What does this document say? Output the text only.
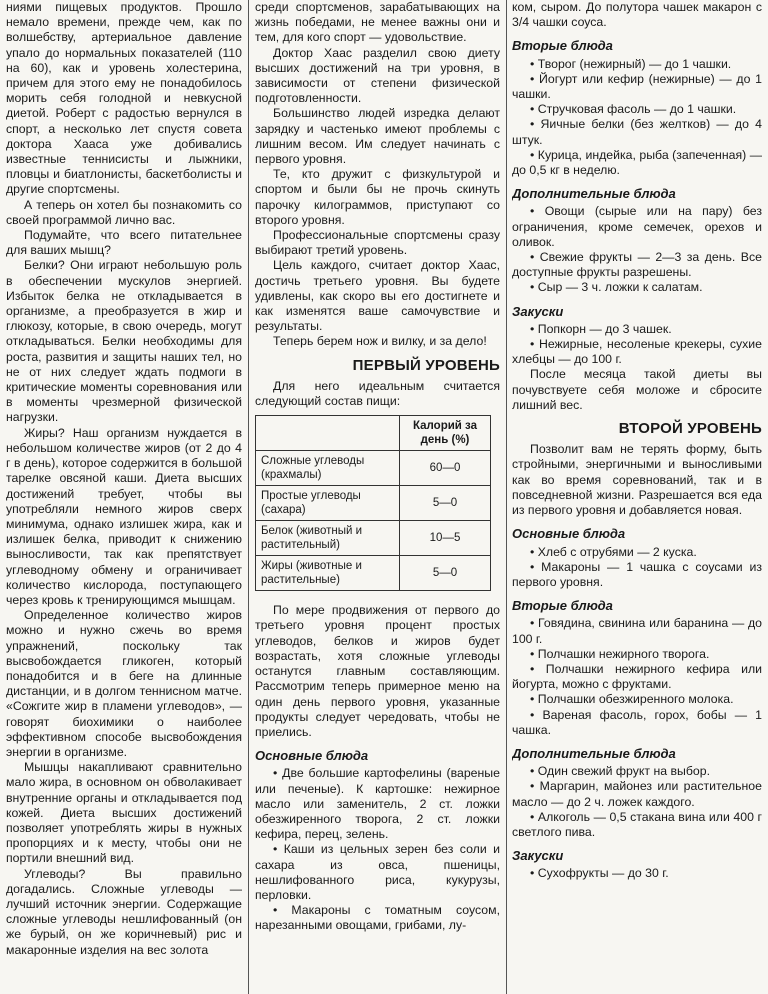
ниями пищевых продуктов. Прошло немало времени, прежде чем, как по волшебству, артериальное давление упало до нормальных показателей (110 на 60), как и уровень холестерина, причем для этого ему не понадобилось морить себя голодной и невкусной диетой. Роберт с радостью вернулся в спорт, а несколько лет спустя совета доктора Хааса уже добивались известные теннисисты и лыжники, пловцы и биатлонисты, баскетболисты и другие спортсмены.

А теперь он хотел бы познакомить со своей программой лично вас.

Подумайте, что всего питательнее для ваших мышц?

Белки? Они играют небольшую роль в обеспечении мускулов энергией. Избыток белка не откладывается в организме, а преобразуется в жир и глюкозу, которые, в свою очередь, могут откладываться. Белки необходимы для роста, развития и защиты наших тел, но не от них следует ждать подмоги в критические моменты соревнования или в моменты чрезмерной физической нагрузки.

Жиры? Наш организм нуждается в небольшом количестве жиров (от 2 до 4 г в день), которое содержится в большой тарелке овсяной каши. Диета высших достижений требует, чтобы вы употребляли немного жиров сверх минимума, однако излишек жира, как и излишек белка, приводит к снижению выносливости, так как препятствует углеводному обмену и ограничивает количество кислорода, поступающего через кровь к тренирующимся мышцам.

Определенное количество жиров можно и нужно сжечь во время упражнений, поскольку так высвобождается гликоген, который понадобится и в беге на длинные дистанции, и в долгом теннисном матче. «Сожгите жир в пламени углеводов», — говорят биохимики о наиболее эффективном способе высвобождения энергии в организме.

Мышцы накапливают сравнительно мало жира, в основном он обволакивает внутренние органы и откладывается под кожей. Диета высших достижений позволяет употреблять жиры в нужных пропорциях и к месту, чтобы они не портили внешний вид.

Углеводы? Вы правильно догадались. Сложные углеводы — лучший источник энергии. Содержащие сложные углеводы нешлифованный (он же бурый, он же коричневый) рис и макаронные изделия на вес золота

среди спортсменов, зарабатывающих на жизнь победами, не менее важны они и тем, для кого спорт — удовольствие.

Доктор Хаас разделил свою диету высших достижений на три уровня, в зависимости от степени физической подготовленности.

Большинство людей изредка делают зарядку и частенько имеют проблемы с лишним весом. Им следует начинать с первого уровня.

Те, кто дружит с физкультурой и спортом и были бы не прочь скинуть парочку килограммов, приступают со второго уровня.

Профессиональные спортсмены сразу выбирают третий уровень.

Цель каждого, считает доктор Хаас, достичь третьего уровня. Вы будете удивлены, как скоро вы его достигнете и как изменятся ваше самочувствие и результаты.

Теперь берем нож и вилку, и за дело!

ПЕРВЫЙ УРОВЕНЬ

Для него идеальным считается следующий состав пищи:

	Калорий за день (%)
Сложные углеводы (крахмалы)	60—0
Простые углеводы (сахара)	5—0
Белок (животный и растительный)	10—5
Жиры (животные и растительные)	5—0

По мере продвижения от первого до третьего уровня процент простых углеводов, белков и жиров будет возрастать, хотя сложные углеводы останутся главным составляющим. Рассмотрим теперь примерное меню на один день первого уровня, указанные продукты следует чередовать, чтобы не приелись.

Основные блюда
• Две большие картофелины (вареные или печеные). К картошке: нежирное масло или заменитель, 2 ст. ложки обезжиренного творога, 2 ст. ложки кефира, перец, зелень.
• Каши из цельных зерен без соли и сахара из овса, пшеницы, нешлифованного риса, кукурузы, перловки.
• Макароны с томатным соусом, нарезанными овощами, грибами, лу-

ком, сыром. До полутора чашек макарон с 3/4 чашки соуса.

Вторые блюда
• Творог (нежирный) — до 1 чашки.
• Йогурт или кефир (нежирные) — до 1 чашки.
• Стручковая фасоль — до 1 чашки.
• Яичные белки (без желтков) — до 4 штук.
• Курица, индейка, рыба (запеченная) — до 0,5 кг в неделю.
Дополнительные блюда
• Овощи (сырые или на пару) без ограничения, кроме семечек, орехов и оливок.
• Свежие фрукты — 2—3 за день. Все доступные фрукты разрешены.
• Сыр — 3 ч. ложки к салатам.
Закуски
• Попкорн — до 3 чашек.
• Нежирные, несоленые крекеры, сухие хлебцы — до 100 г.

После месяца такой диеты вы почувствуете себя моложе и сбросите лишний вес.

ВТОРОЙ УРОВЕНЬ

Позволит вам не терять форму, быть стройными, энергичными и выносливыми как во время соревнований, так и в повседневной жизни. Разрешается вся еда из первого уровня и добавляется новая.

Основные блюда
• Хлеб с отрубями — 2 куска.
• Макароны — 1 чашка с соусами из первого уровня.
Вторые блюда
• Говядина, свинина или баранина — до 100 г.
• Полчашки нежирного творога.
• Полчашки нежирного кефира или йогурта, можно с фруктами.
• Полчашки обезжиренного молока.
• Вареная фасоль, горох, бобы — 1 чашка.
Дополнительные блюда
• Один свежий фрукт на выбор.
• Маргарин, майонез или растительное масло — до 2 ч. ложек каждого.
• Алкоголь — 0,5 стакана вина или 400 г светлого пива.
Закуски
• Сухофрукты — до 30 г.
